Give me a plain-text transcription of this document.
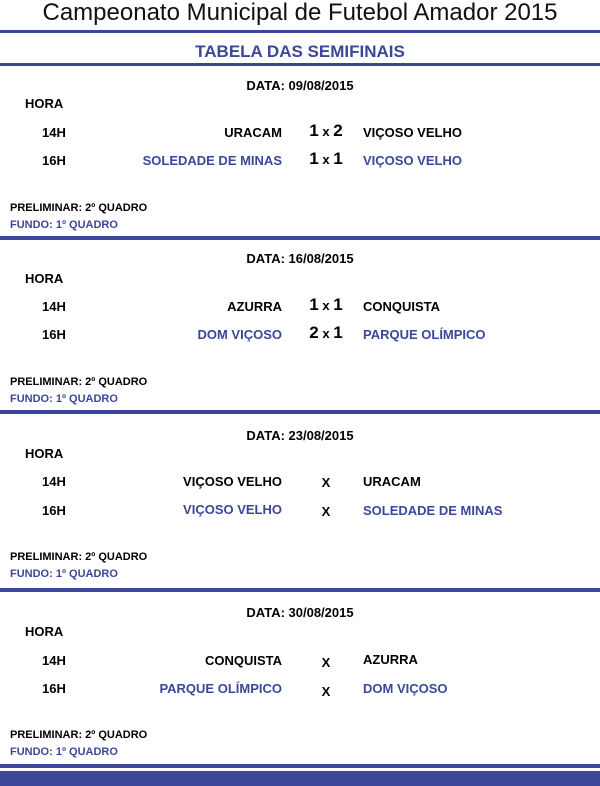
Campeonato Municipal de Futebol Amador 2015
TABELA DAS SEMIFINAIS
DATA: 09/08/2015
HORA
14H	URACAM	1 x 2	VIÇOSO VELHO
16H	SOLEDADE DE MINAS	1 x 1	VIÇOSO VELHO
PRELIMINAR: 2º QUADRO
FUNDO: 1º QUADRO
DATA: 16/08/2015
HORA
14H	AZURRA	1 x 1	CONQUISTA
16H	DOM VIÇOSO	2 x 1	PARQUE OLÍMPICO
PRELIMINAR: 2º QUADRO
FUNDO: 1º QUADRO
DATA: 23/08/2015
HORA
14H	VIÇOSO VELHO	X	URACAM
16H	VIÇOSO VELHO	X	SOLEDADE DE MINAS
PRELIMINAR: 2º QUADRO
FUNDO: 1º QUADRO
DATA: 30/08/2015
HORA
14H	CONQUISTA	X	AZURRA
16H	PARQUE OLÍMPICO	X	DOM VIÇOSO
PRELIMINAR: 2º QUADRO
FUNDO: 1º QUADRO
